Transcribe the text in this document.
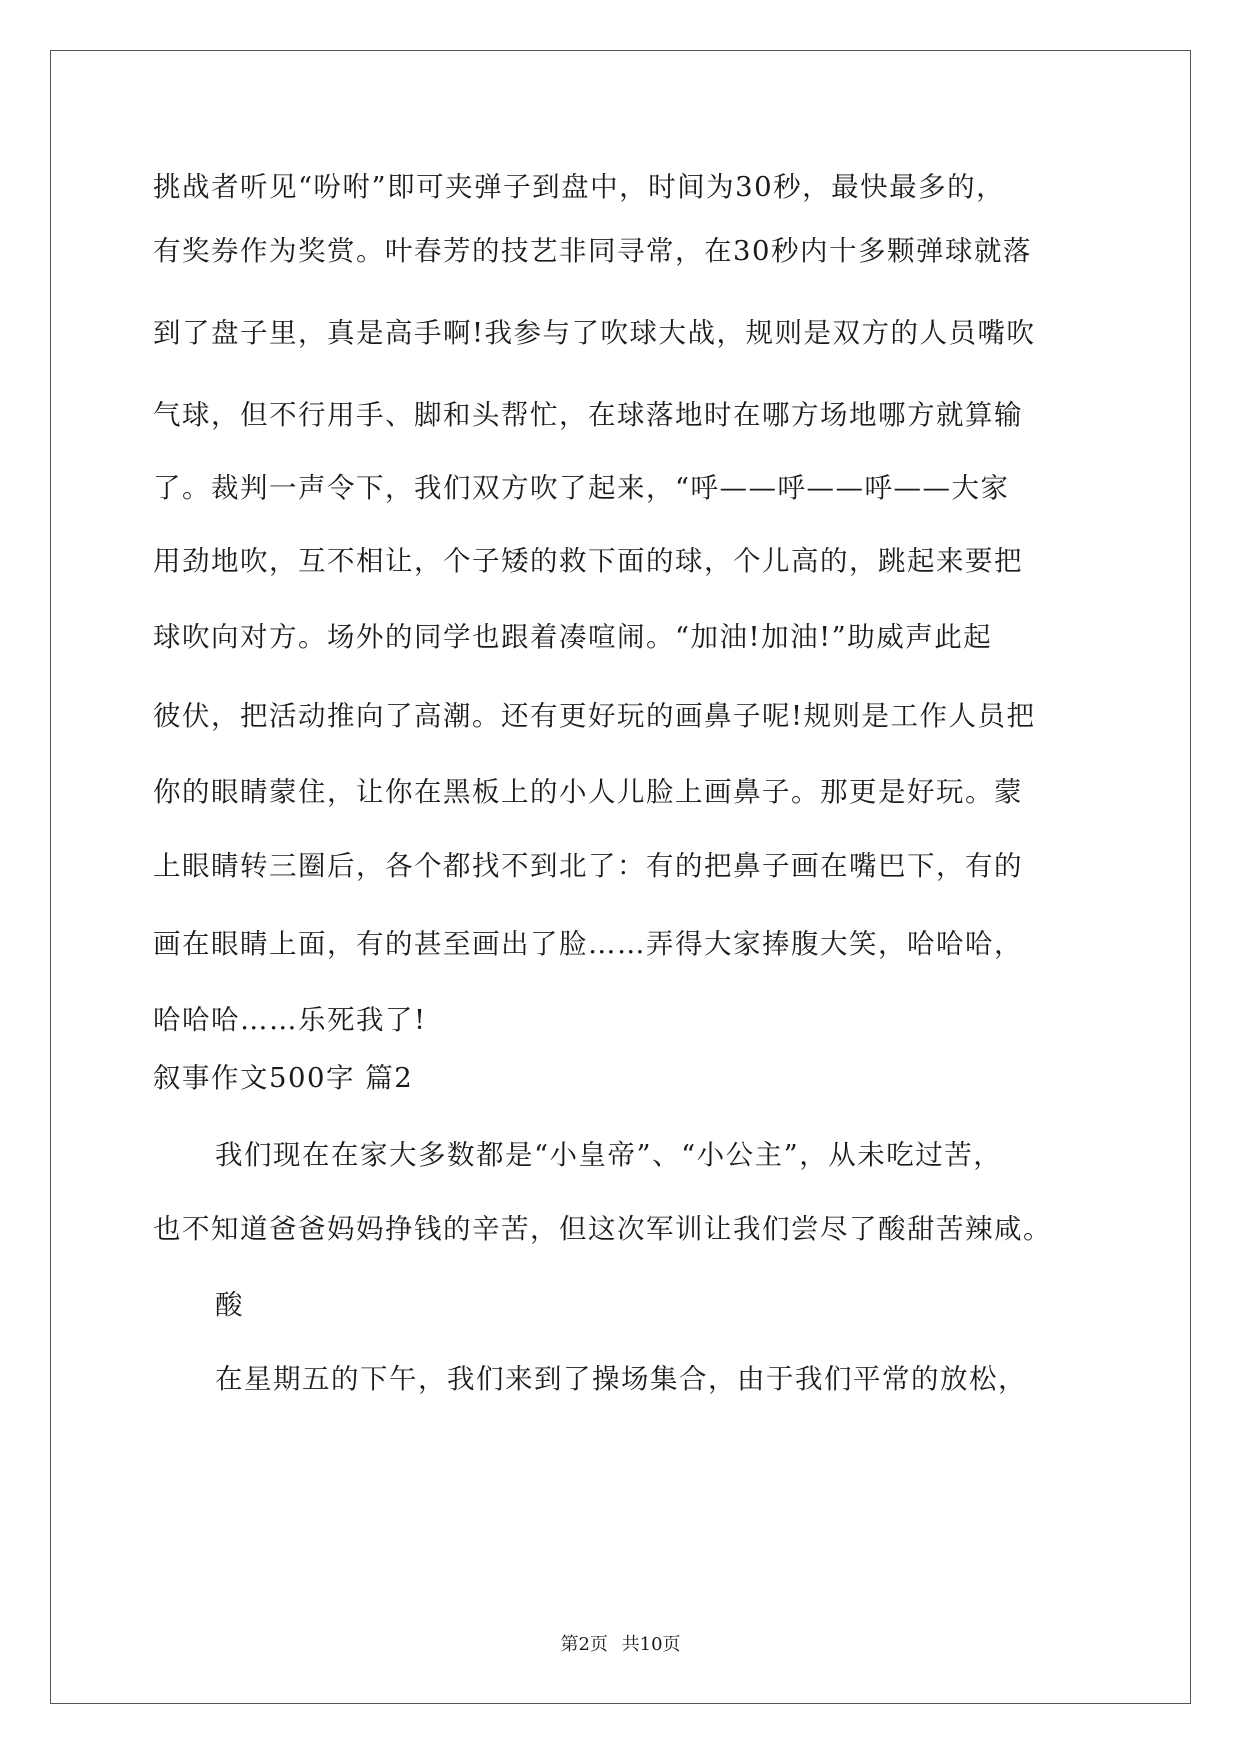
挑战者听见“吩咐”即可夹弹子到盘中，时间为30秒，最快最多的，
有奖券作为奖赏。叶春芳的技艺非同寻常，在30秒内十多颗弹球就落
到了盘子里，真是高手啊!我参与了吹球大战，规则是双方的人员嘴吹
气球，但不行用手、脚和头帮忙，在球落地时在哪方场地哪方就算输
了。裁判一声令下，我们双方吹了起来，“呼——呼——呼——大家
用劲地吹，互不相让，个子矮的救下面的球，个儿高的，跳起来要把
球吹向对方。场外的同学也跟着凑喧闹。“加油!加油!”助威声此起
彼伏，把活动推向了高潮。还有更好玩的画鼻子呢!规则是工作人员把
你的眼睛蒙住，让你在黑板上的小人儿脸上画鼻子。那更是好玩。蒙
上眼睛转三圈后，各个都找不到北了：有的把鼻子画在嘴巴下，有的
画在眼睛上面，有的甚至画出了脸……弄得大家捧腹大笑，哈哈哈，
哈哈哈……乐死我了!
叙事作文500字 篇2
我们现在在家大多数都是“小皇帝”、“小公主”，从未吃过苦，
也不知道爸爸妈妈挣钱的辛苦，但这次军训让我们尝尽了酸甜苦辣咸。
酸
在星期五的下午，我们来到了操场集合，由于我们平常的放松，
第2页 共10页
